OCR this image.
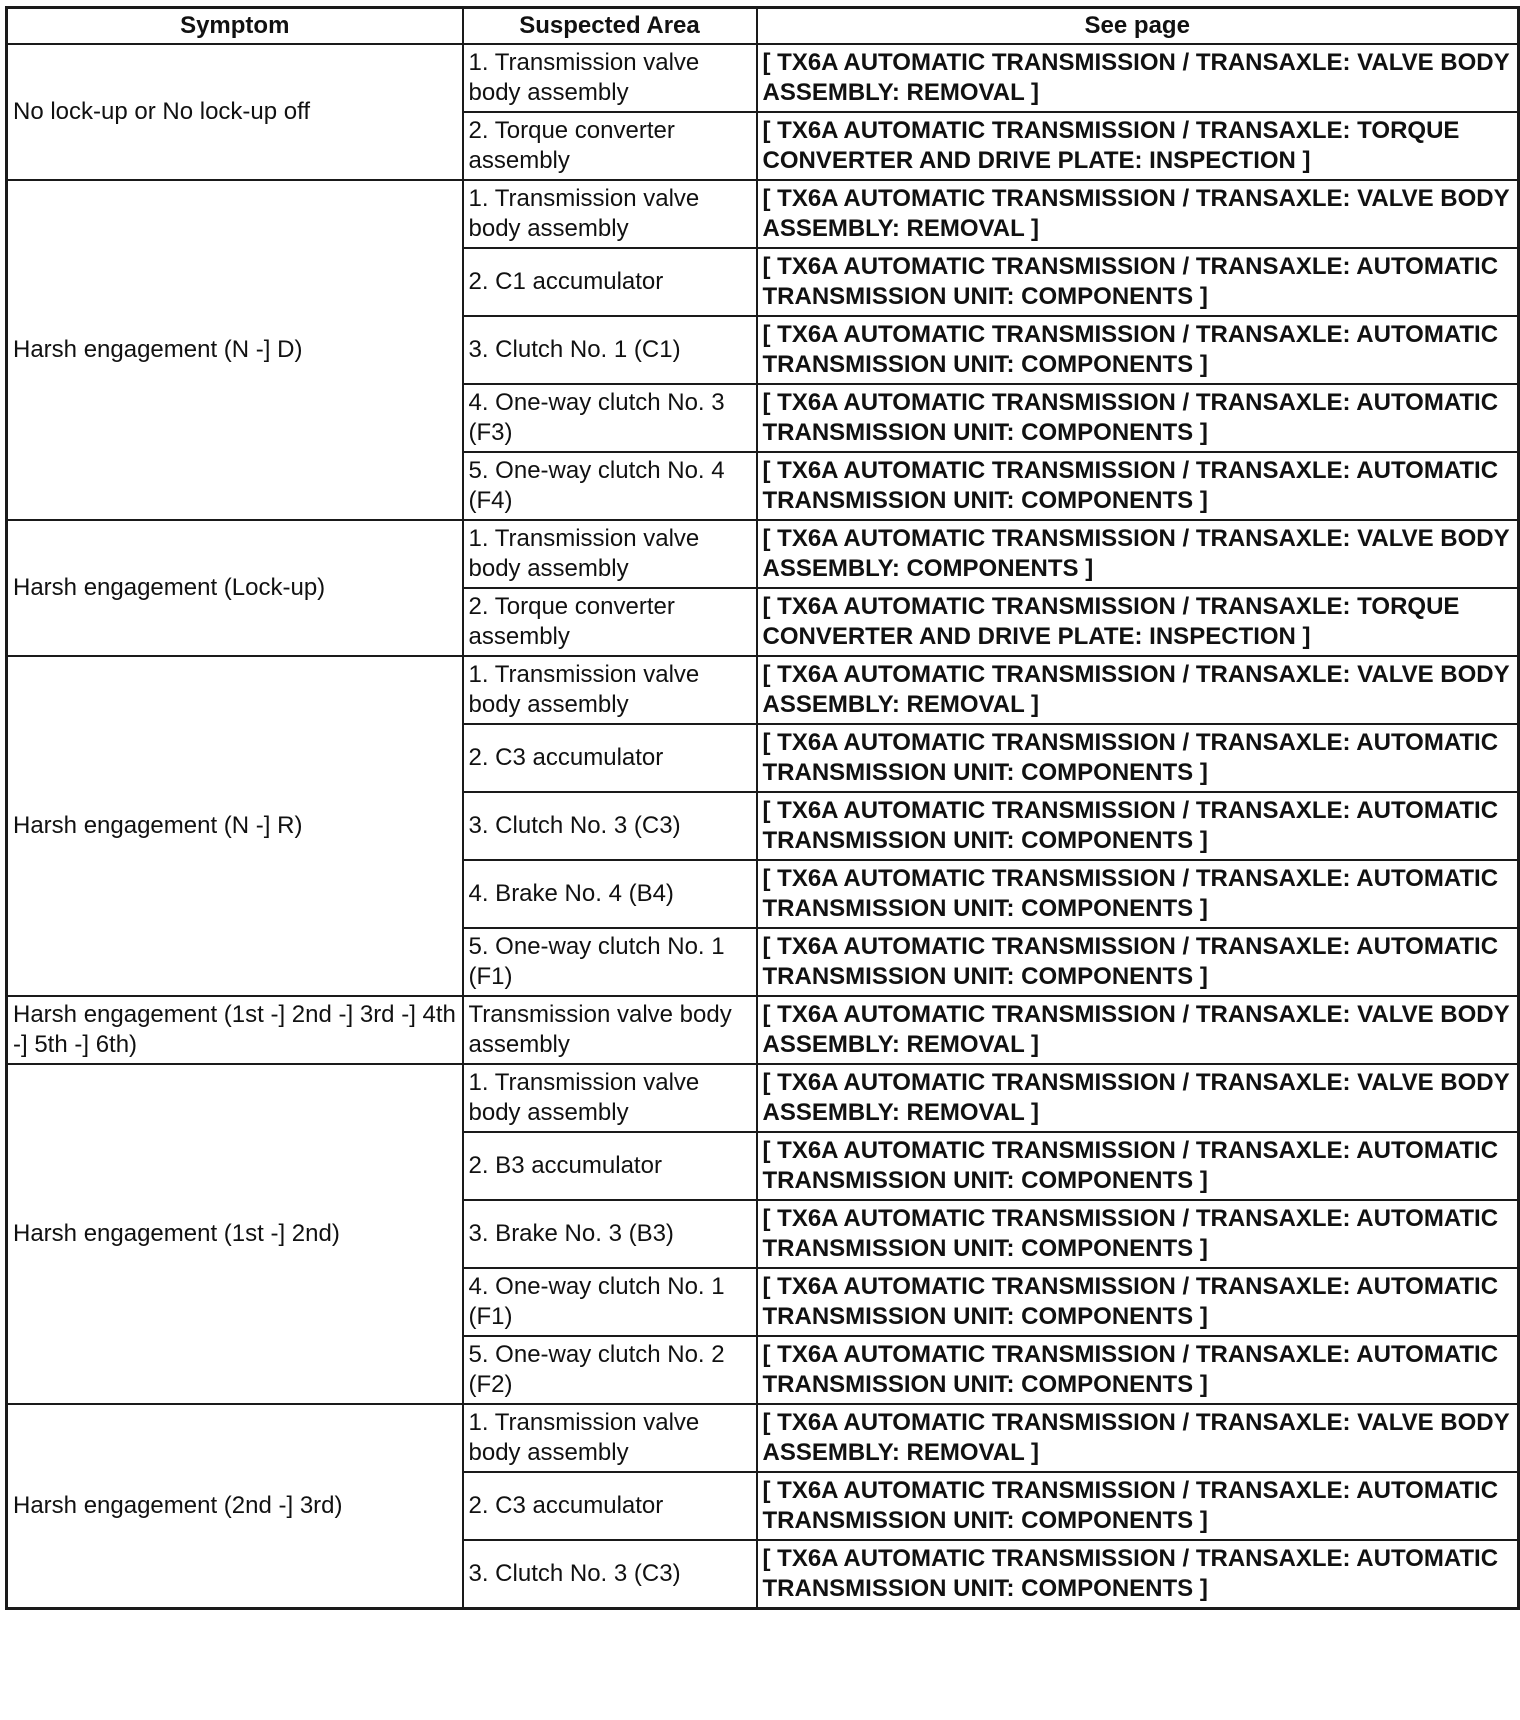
Symptom	Suspected Area	See page
No lock-up or No lock-up off	1. Transmission valve body assembly	[ TX6A AUTOMATIC TRANSMISSION / TRANSAXLE: VALVE BODY ASSEMBLY: REMOVAL ]
	2. Torque converter assembly	[ TX6A AUTOMATIC TRANSMISSION / TRANSAXLE: TORQUE CONVERTER AND DRIVE PLATE: INSPECTION ]
Harsh engagement (N -] D)	1. Transmission valve body assembly	[ TX6A AUTOMATIC TRANSMISSION / TRANSAXLE: VALVE BODY ASSEMBLY: REMOVAL ]
	2. C1 accumulator	[ TX6A AUTOMATIC TRANSMISSION / TRANSAXLE: AUTOMATIC TRANSMISSION UNIT: COMPONENTS ]
	3. Clutch No. 1 (C1)	[ TX6A AUTOMATIC TRANSMISSION / TRANSAXLE: AUTOMATIC TRANSMISSION UNIT: COMPONENTS ]
	4. One-way clutch No. 3 (F3)	[ TX6A AUTOMATIC TRANSMISSION / TRANSAXLE: AUTOMATIC TRANSMISSION UNIT: COMPONENTS ]
	5. One-way clutch No. 4 (F4)	[ TX6A AUTOMATIC TRANSMISSION / TRANSAXLE: AUTOMATIC TRANSMISSION UNIT: COMPONENTS ]
Harsh engagement (Lock-up)	1. Transmission valve body assembly	[ TX6A AUTOMATIC TRANSMISSION / TRANSAXLE: VALVE BODY ASSEMBLY: COMPONENTS ]
	2. Torque converter assembly	[ TX6A AUTOMATIC TRANSMISSION / TRANSAXLE: TORQUE CONVERTER AND DRIVE PLATE: INSPECTION ]
Harsh engagement (N -] R)	1. Transmission valve body assembly	[ TX6A AUTOMATIC TRANSMISSION / TRANSAXLE: VALVE BODY ASSEMBLY: REMOVAL ]
	2. C3 accumulator	[ TX6A AUTOMATIC TRANSMISSION / TRANSAXLE: AUTOMATIC TRANSMISSION UNIT: COMPONENTS ]
	3. Clutch No. 3 (C3)	[ TX6A AUTOMATIC TRANSMISSION / TRANSAXLE: AUTOMATIC TRANSMISSION UNIT: COMPONENTS ]
	4. Brake No. 4 (B4)	[ TX6A AUTOMATIC TRANSMISSION / TRANSAXLE: AUTOMATIC TRANSMISSION UNIT: COMPONENTS ]
	5. One-way clutch No. 1 (F1)	[ TX6A AUTOMATIC TRANSMISSION / TRANSAXLE: AUTOMATIC TRANSMISSION UNIT: COMPONENTS ]
Harsh engagement (1st -] 2nd -] 3rd -] 4th -] 5th -] 6th)	Transmission valve body assembly	[ TX6A AUTOMATIC TRANSMISSION / TRANSAXLE: VALVE BODY ASSEMBLY: REMOVAL ]
Harsh engagement (1st -] 2nd)	1. Transmission valve body assembly	[ TX6A AUTOMATIC TRANSMISSION / TRANSAXLE: VALVE BODY ASSEMBLY: REMOVAL ]
	2. B3 accumulator	[ TX6A AUTOMATIC TRANSMISSION / TRANSAXLE: AUTOMATIC TRANSMISSION UNIT: COMPONENTS ]
	3. Brake No. 3 (B3)	[ TX6A AUTOMATIC TRANSMISSION / TRANSAXLE: AUTOMATIC TRANSMISSION UNIT: COMPONENTS ]
	4. One-way clutch No. 1 (F1)	[ TX6A AUTOMATIC TRANSMISSION / TRANSAXLE: AUTOMATIC TRANSMISSION UNIT: COMPONENTS ]
	5. One-way clutch No. 2 (F2)	[ TX6A AUTOMATIC TRANSMISSION / TRANSAXLE: AUTOMATIC TRANSMISSION UNIT: COMPONENTS ]
Harsh engagement (2nd -] 3rd)	1. Transmission valve body assembly	[ TX6A AUTOMATIC TRANSMISSION / TRANSAXLE: VALVE BODY ASSEMBLY: REMOVAL ]
	2. C3 accumulator	[ TX6A AUTOMATIC TRANSMISSION / TRANSAXLE: AUTOMATIC TRANSMISSION UNIT: COMPONENTS ]
	3. Clutch No. 3 (C3)	[ TX6A AUTOMATIC TRANSMISSION / TRANSAXLE: AUTOMATIC TRANSMISSION UNIT: COMPONENTS ]
